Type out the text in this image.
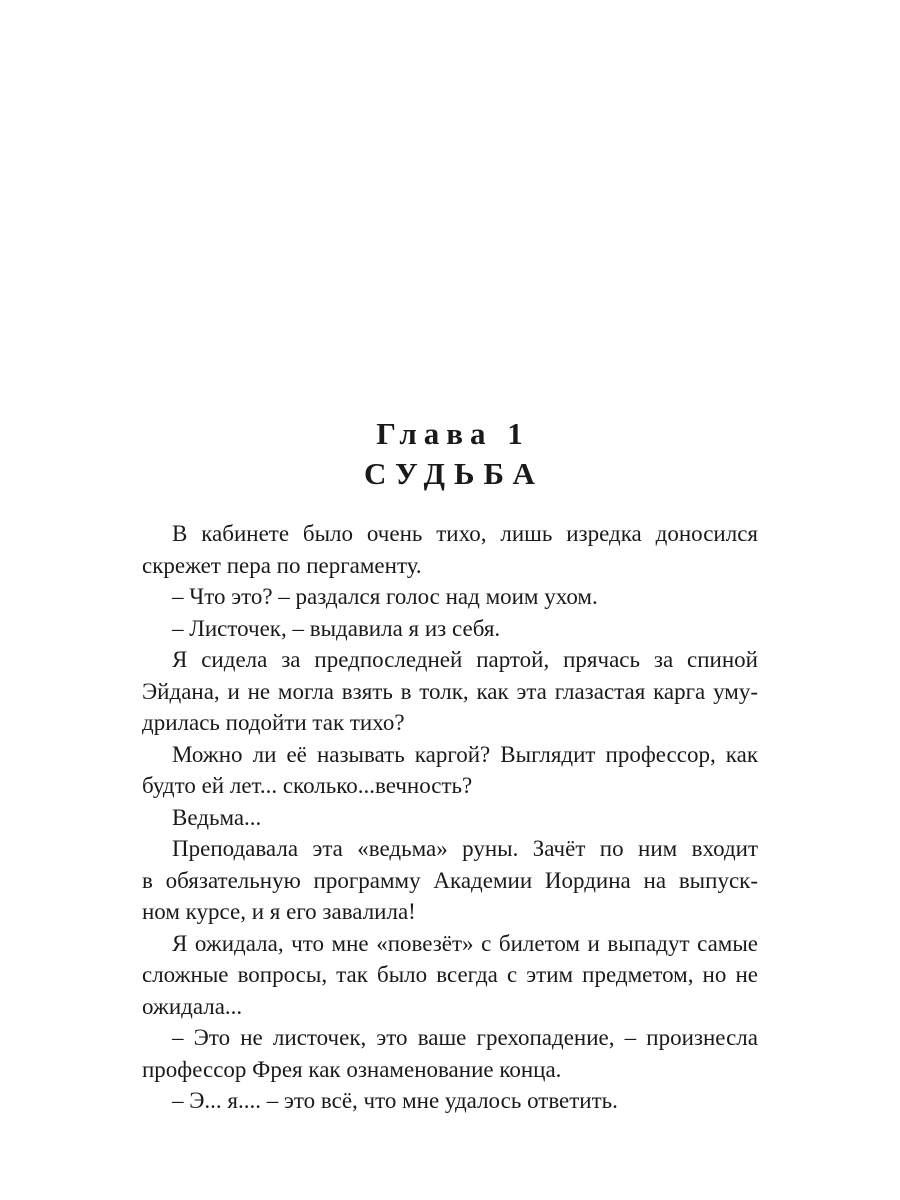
Глава 1
СУДЬБА
В кабинете было очень тихо, лишь изредка доносился
скрежет пера по пергаменту.
– Что это? – раздался голос над моим ухом.
– Листочек, – выдавила я из себя.
Я сидела за предпоследней партой, прячась за спиной
Эйдана, и не могла взять в толк, как эта глазастая карга уму-
дрилась подойти так тихо?
Можно ли её называть каргой? Выглядит профессор, как
будто ей лет... сколько...вечность?
Ведьма...
Преподавала эта «ведьма» руны. Зачёт по ним входит
в обязательную программу Академии Иордина на выпуск-
ном курсе, и я его завалила!
Я ожидала, что мне «повезёт» с билетом и выпадут самые
сложные вопросы, так было всегда с этим предметом, но не
ожидала...
– Это не листочек, это ваше грехопадение, – произнесла
профессор Фрея как ознаменование конца.
– Э... я.... – это всё, что мне удалось ответить.
